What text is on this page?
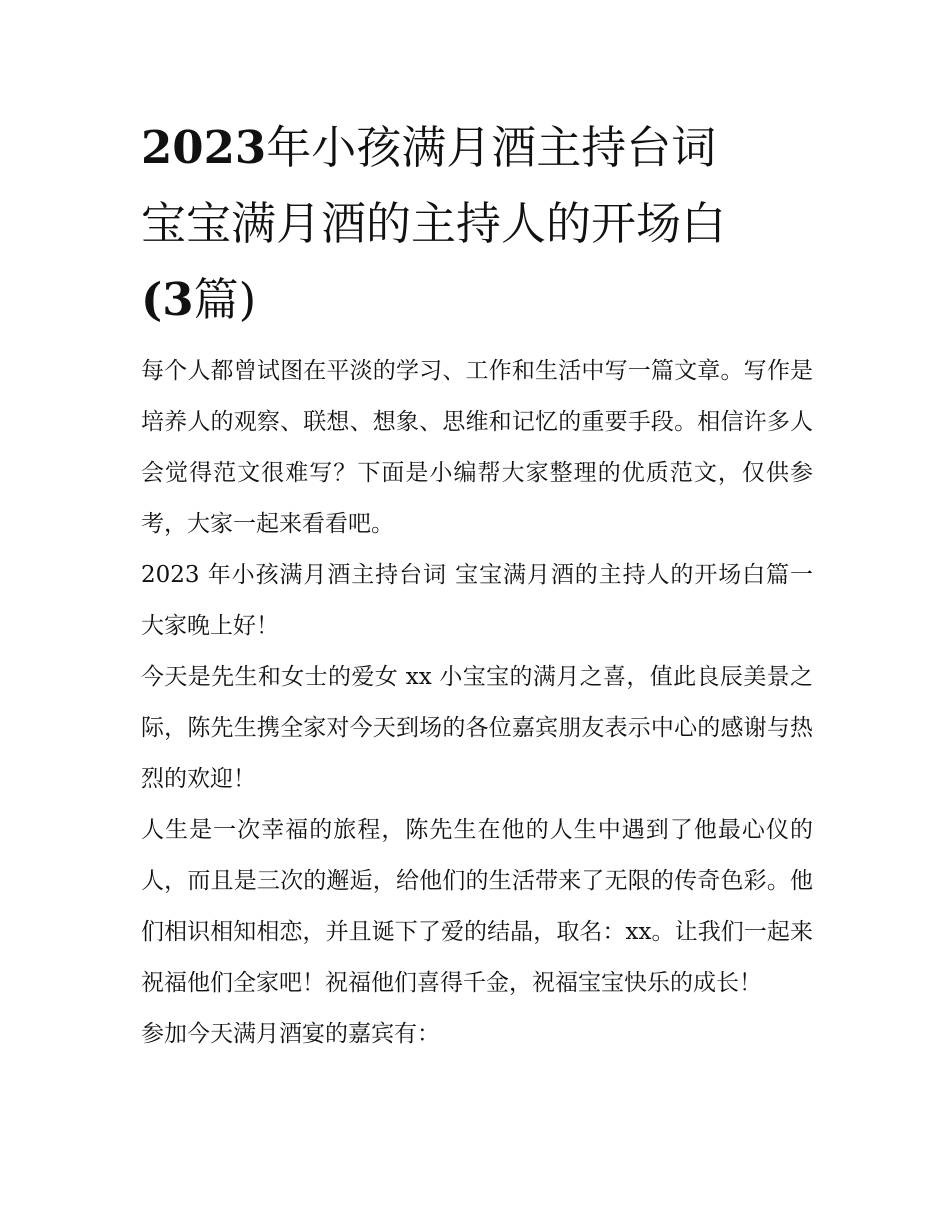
2023年小孩满月酒主持台词
宝宝满月酒的主持人的开场白
(3篇)

每个人都曾试图在平淡的学习、工作和生活中写一篇文章。写作是培养人的观察、联想、想象、思维和记忆的重要手段。相信许多人会觉得范文很难写？下面是小编帮大家整理的优质范文，仅供参考，大家一起来看看吧。

2023 年小孩满月酒主持台词 宝宝满月酒的主持人的开场白篇一 大家晚上好！

今天是先生和女士的爱女 xx 小宝宝的满月之喜，值此良辰美景之际，陈先生携全家对今天到场的各位嘉宾朋友表示中心的感谢与热烈的欢迎！

人生是一次幸福的旅程，陈先生在他的人生中遇到了他最心仪的人，而且是三次的邂逅，给他们的生活带来了无限的传奇色彩。他们相识相知相恋，并且诞下了爱的结晶，取名：xx。让我们一起来祝福他们全家吧！祝福他们喜得千金，祝福宝宝快乐的成长！

参加今天满月酒宴的嘉宾有：
